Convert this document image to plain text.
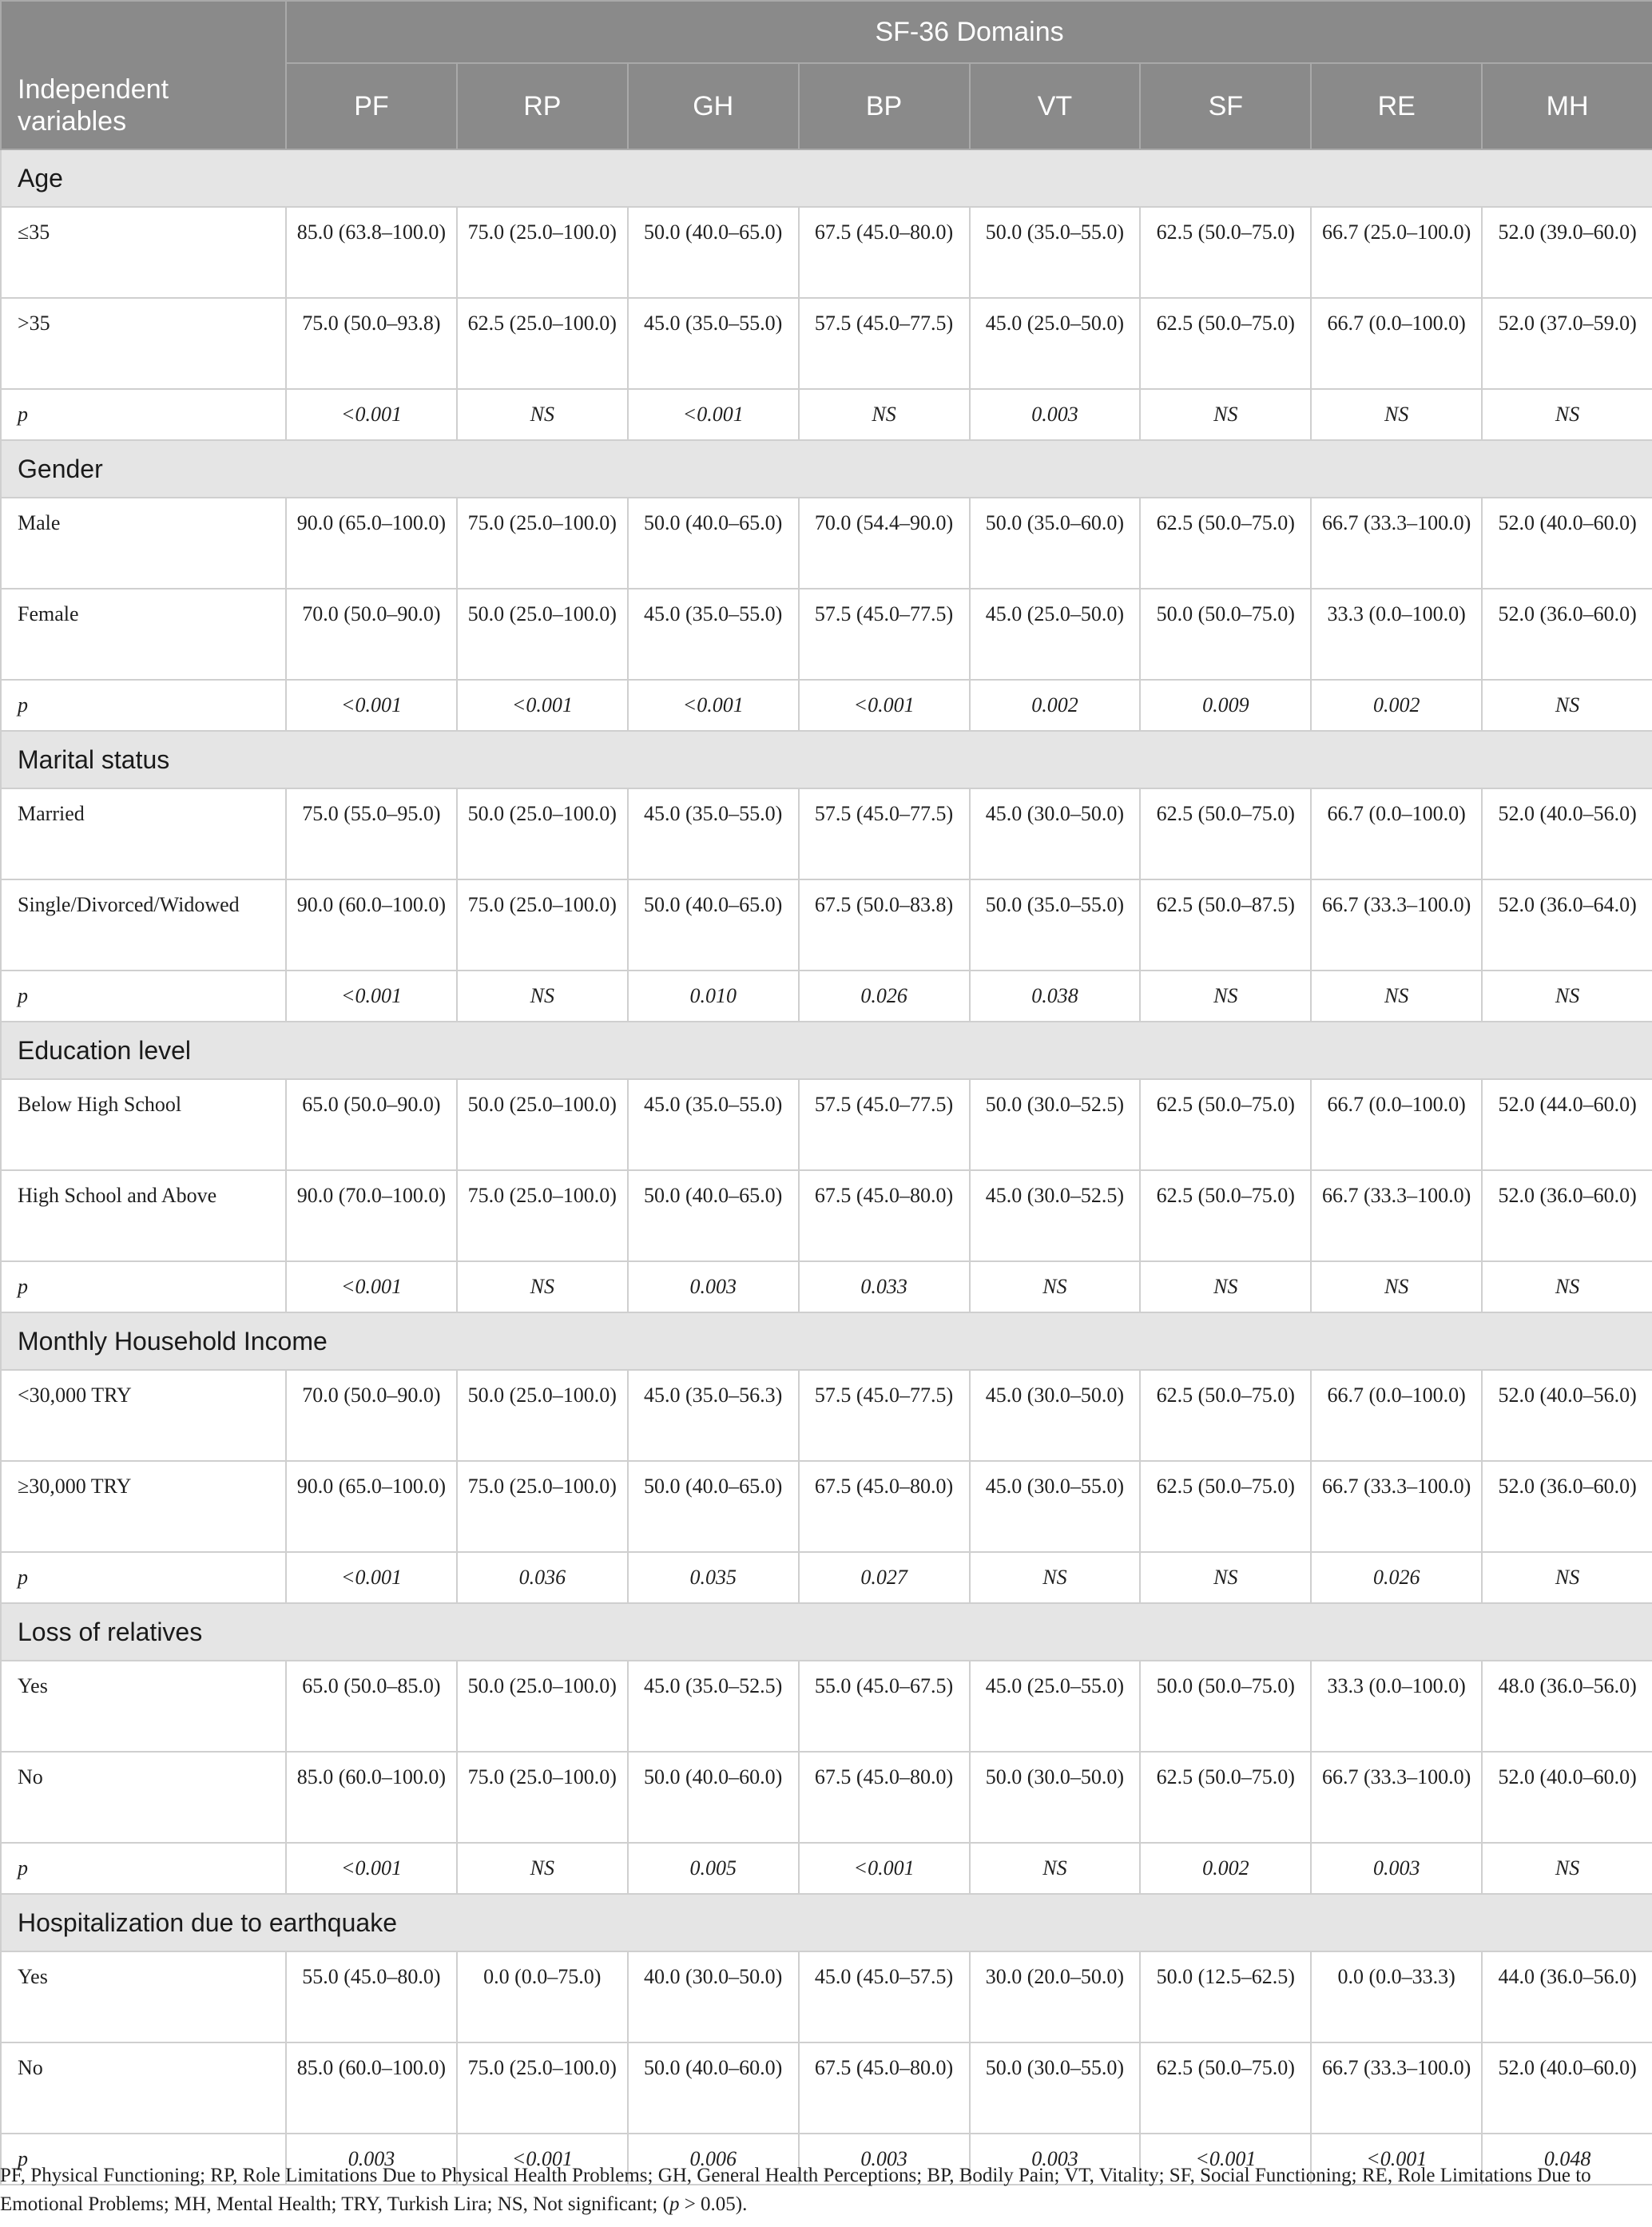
Independent variables	SF-36 Domains							
	PF	RP	GH	BP	VT	SF	RE	MH
Age								
≤35	85.0 (63.8–100.0)	75.0 (25.0–100.0)	50.0 (40.0–65.0)	67.5 (45.0–80.0)	50.0 (35.0–55.0)	62.5 (50.0–75.0)	66.7 (25.0–100.0)	52.0 (39.0–60.0)
>35	75.0 (50.0–93.8)	62.5 (25.0–100.0)	45.0 (35.0–55.0)	57.5 (45.0–77.5)	45.0 (25.0–50.0)	62.5 (50.0–75.0)	66.7 (0.0–100.0)	52.0 (37.0–59.0)
p	<0.001	NS	<0.001	NS	0.003	NS	NS	NS
Gender								
Male	90.0 (65.0–100.0)	75.0 (25.0–100.0)	50.0 (40.0–65.0)	70.0 (54.4–90.0)	50.0 (35.0–60.0)	62.5 (50.0–75.0)	66.7 (33.3–100.0)	52.0 (40.0–60.0)
Female	70.0 (50.0–90.0)	50.0 (25.0–100.0)	45.0 (35.0–55.0)	57.5 (45.0–77.5)	45.0 (25.0–50.0)	50.0 (50.0–75.0)	33.3 (0.0–100.0)	52.0 (36.0–60.0)
p	<0.001	<0.001	<0.001	<0.001	0.002	0.009	0.002	NS
Marital status								
Married	75.0 (55.0–95.0)	50.0 (25.0–100.0)	45.0 (35.0–55.0)	57.5 (45.0–77.5)	45.0 (30.0–50.0)	62.5 (50.0–75.0)	66.7 (0.0–100.0)	52.0 (40.0–56.0)
Single/Divorced/Widowed	90.0 (60.0–100.0)	75.0 (25.0–100.0)	50.0 (40.0–65.0)	67.5 (50.0–83.8)	50.0 (35.0–55.0)	62.5 (50.0–87.5)	66.7 (33.3–100.0)	52.0 (36.0–64.0)
p	<0.001	NS	0.010	0.026	0.038	NS	NS	NS
Education level								
Below High School	65.0 (50.0–90.0)	50.0 (25.0–100.0)	45.0 (35.0–55.0)	57.5 (45.0–77.5)	50.0 (30.0–52.5)	62.5 (50.0–75.0)	66.7 (0.0–100.0)	52.0 (44.0–60.0)
High School and Above	90.0 (70.0–100.0)	75.0 (25.0–100.0)	50.0 (40.0–65.0)	67.5 (45.0–80.0)	45.0 (30.0–52.5)	62.5 (50.0–75.0)	66.7 (33.3–100.0)	52.0 (36.0–60.0)
p	<0.001	NS	0.003	0.033	NS	NS	NS	NS
Monthly Household Income								
<30,000 TRY	70.0 (50.0–90.0)	50.0 (25.0–100.0)	45.0 (35.0–56.3)	57.5 (45.0–77.5)	45.0 (30.0–50.0)	62.5 (50.0–75.0)	66.7 (0.0–100.0)	52.0 (40.0–56.0)
≥30,000 TRY	90.0 (65.0–100.0)	75.0 (25.0–100.0)	50.0 (40.0–65.0)	67.5 (45.0–80.0)	45.0 (30.0–55.0)	62.5 (50.0–75.0)	66.7 (33.3–100.0)	52.0 (36.0–60.0)
p	<0.001	0.036	0.035	0.027	NS	NS	0.026	NS
Loss of relatives								
Yes	65.0 (50.0–85.0)	50.0 (25.0–100.0)	45.0 (35.0–52.5)	55.0 (45.0–67.5)	45.0 (25.0–55.0)	50.0 (50.0–75.0)	33.3 (0.0–100.0)	48.0 (36.0–56.0)
No	85.0 (60.0–100.0)	75.0 (25.0–100.0)	50.0 (40.0–60.0)	67.5 (45.0–80.0)	50.0 (30.0–50.0)	62.5 (50.0–75.0)	66.7 (33.3–100.0)	52.0 (40.0–60.0)
p	<0.001	NS	0.005	<0.001	NS	0.002	0.003	NS
Hospitalization due to earthquake								
Yes	55.0 (45.0–80.0)	0.0 (0.0–75.0)	40.0 (30.0–50.0)	45.0 (45.0–57.5)	30.0 (20.0–50.0)	50.0 (12.5–62.5)	0.0 (0.0–33.3)	44.0 (36.0–56.0)
No	85.0 (60.0–100.0)	75.0 (25.0–100.0)	50.0 (40.0–60.0)	67.5 (45.0–80.0)	50.0 (30.0–55.0)	62.5 (50.0–75.0)	66.7 (33.3–100.0)	52.0 (40.0–60.0)
p	0.003	<0.001	0.006	0.003	0.003	<0.001	<0.001	0.048
PF, Physical Functioning; RP, Role Limitations Due to Physical Health Problems; GH, General Health Perceptions; BP, Bodily Pain; VT, Vitality; SF, Social Functioning; RE, Role Limitations Due to Emotional Problems; MH, Mental Health; TRY, Turkish Lira; NS, Not significant; (p > 0.05).
